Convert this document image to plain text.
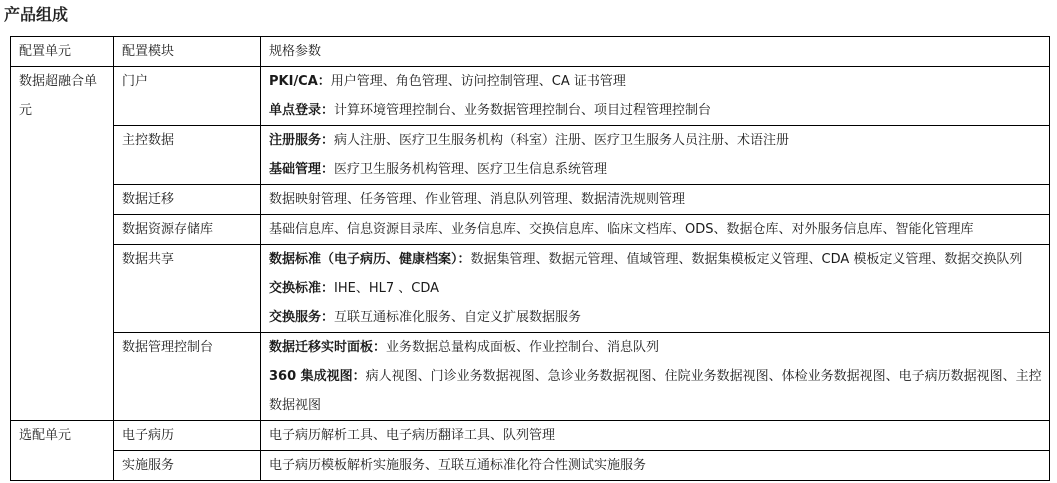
产品组成
配置单元	配置模块	规格参数
数据超融合单元	门户	PKI/CA：用户管理、角色管理、访问控制管理、CA 证书管理
单点登录：计算环境管理控制台、业务数据管理控制台、项目过程管理控制台

	主控数据	注册服务：病人注册、医疗卫生服务机构（科室）注册、医疗卫生服务人员注册、术语注册
基础管理：医疗卫生服务机构管理、医疗卫生信息系统管理

	数据迁移	数据映射管理、任务管理、作业管理、消息队列管理、数据清洗规则管理

	数据资源存储库	基础信息库、信息资源目录库、业务信息库、交换信息库、临床文档库、ODS、数据仓库、对外服务信息库、智能化管理库

	数据共享	数据标准（电子病历、健康档案）：数据集管理、数据元管理、值域管理、数据集模板定义管理、CDA 模板定义管理、数据交换队列
交换标准：IHE、HL7 、CDA
交换服务：互联互通标准化服务、自定义扩展数据服务

	数据管理控制台	数据迁移实时面板：业务数据总量构成面板、作业控制台、消息队列
360 集成视图：病人视图、门诊业务数据视图、急诊业务数据视图、住院业务数据视图、体检业务数据视图、电子病历数据视图、主控数据视图

选配单元	电子病历	电子病历解析工具、电子病历翻译工具、队列管理

	实施服务	电子病历模板解析实施服务、互联互通标准化符合性测试实施服务
